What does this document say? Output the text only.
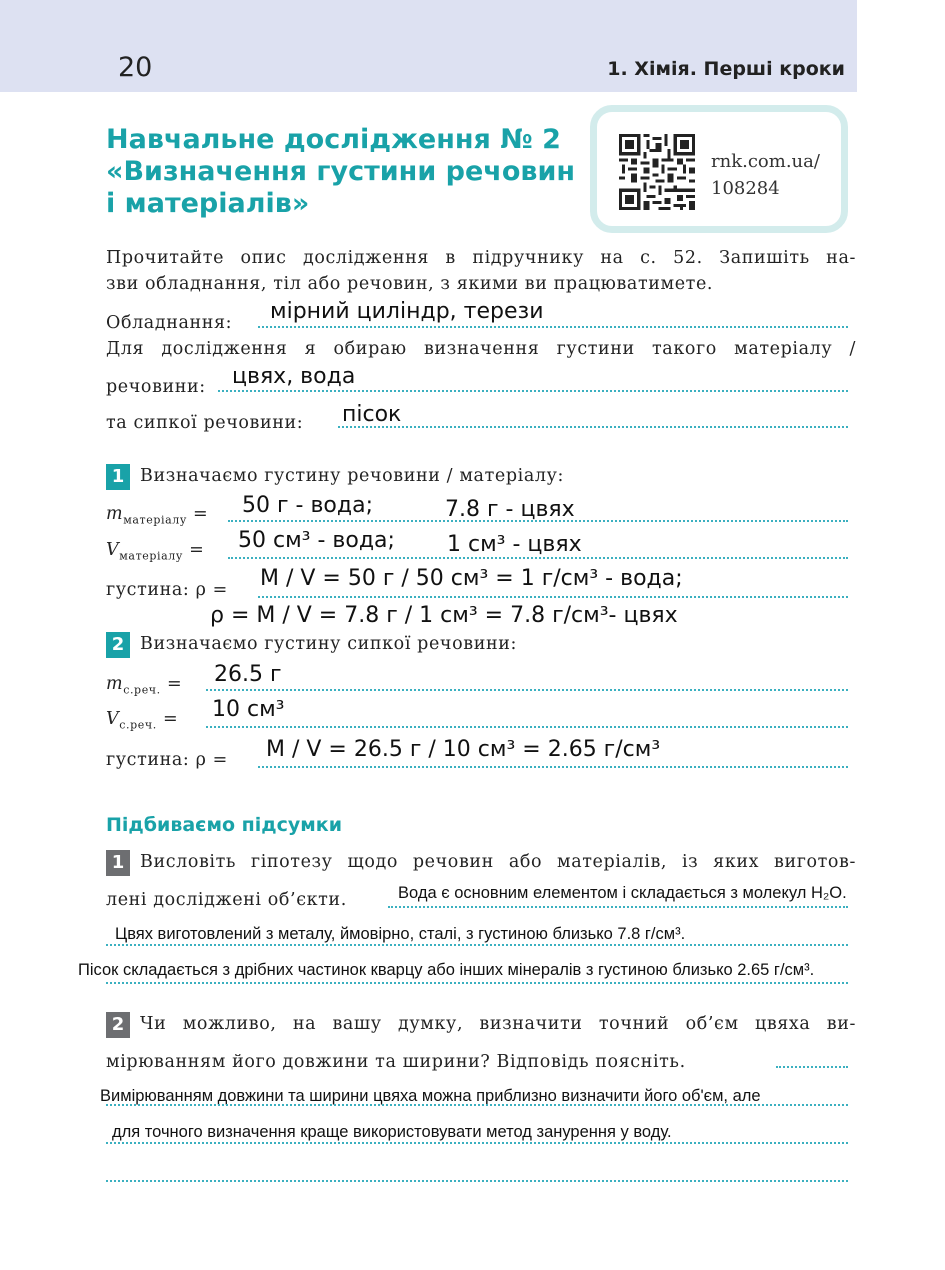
20	1. Хімія. Перші кроки
Навчальне дослідження № 2
«Визначення густини речовин
і матеріалів»
rnk.com.ua/
108284
Прочитайте опис дослідження в підручнику на с. 52. Запишіть на-
зви обладнання, тіл або речовин, з якими ви працюватимете.
Обладнання: мірний циліндр, терези
Для дослідження я обираю визначення густини такого матеріалу /
речовини: цвях, вода
та сипкої речовини: пісок
1 Визначаємо густину речовини / матеріалу:
$m_{матеріалу} = 50$ г - вода;	7.8 г - цвях
$V_{матеріалу} = 50$ см³ - вода; 1 см³ - цвях
густина: ρ = M / V = 50 г / 50 см³ = 1 г/см³ - вода;
ρ = M / V = 7.8 г / 1 см³ = 7.8 г/см³- цвях
2 Визначаємо густину сипкої речовини:
$m_{с.реч.} = 26.5$ г
$V_{с.реч.} = 10$ см³
густина: ρ = M / V = 26.5 г / 10 см³ = 2.65 г/см³
Підбиваємо підсумки
1 Висловіть гіпотезу щодо речовин або матеріалів, із яких виготов-
лені досліджені об’єкти.	Вода є основним елементом і складається з молекул H₂O.
Цвях виготовлений з металу, ймовірно, сталі, з густиною близько 7.8 г/см³.
Пісок складається з дрібних частинок кварцу або інших мінералів з густиною близько 2.65 г/см³.
2 Чи можливо, на вашу думку, визначити точний об’єм цвяха ви-
мірюванням його довжини та ширини? Відповідь поясніть.
Вимірюванням довжини та ширини цвяха можна приблизно визначити його об'єм, але
для точного визначення краще використовувати метод занурення у воду.
